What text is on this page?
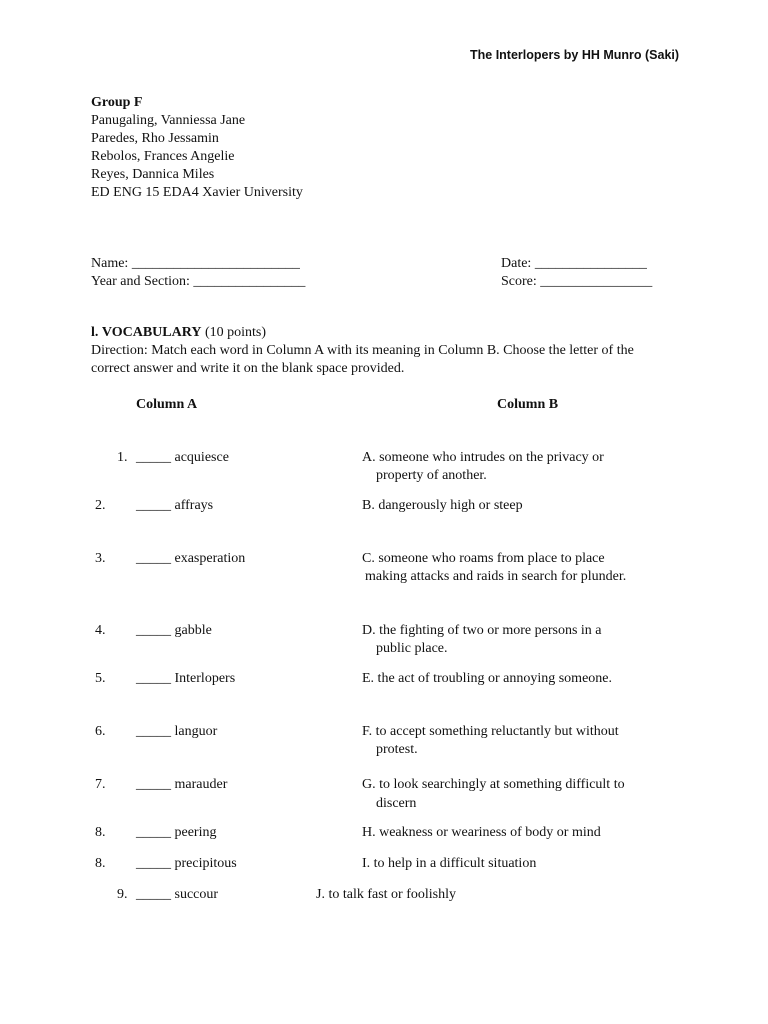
The Interlopers by HH Munro (Saki)
Group F
Panugaling, Vanniessa Jane
Paredes, Rho Jessamin
Rebolos, Frances Angelie
Reyes, Dannica Miles
ED ENG 15 EDA4 Xavier University
Name: ________________________
Year and Section: ________________
Date: ________________
Score: ________________
l. VOCABULARY (10 points)
Direction: Match each word in Column A with its meaning in Column B. Choose the letter of the
correct answer and write it on the blank space provided.
Column A	Column B
1. _____ acquiesce	A. someone who intrudes on the privacy or
property of another.
2. _____ affrays	B. dangerously high or steep
3. _____ exasperation	C. someone who roams from place to place
making attacks and raids in search for plunder.
4. _____ gabble	D. the fighting of two or more persons in a
public place.
5. _____ Interlopers	E. the act of troubling or annoying someone.
6. _____ languor	F. to accept something reluctantly but without
protest.
7. _____ marauder	G. to look searchingly at something difficult to
discern
8. _____ peering	H. weakness or weariness of body or mind
8. _____ precipitous	I. to help in a difficult situation
9. _____ succour	J. to talk fast or foolishly
